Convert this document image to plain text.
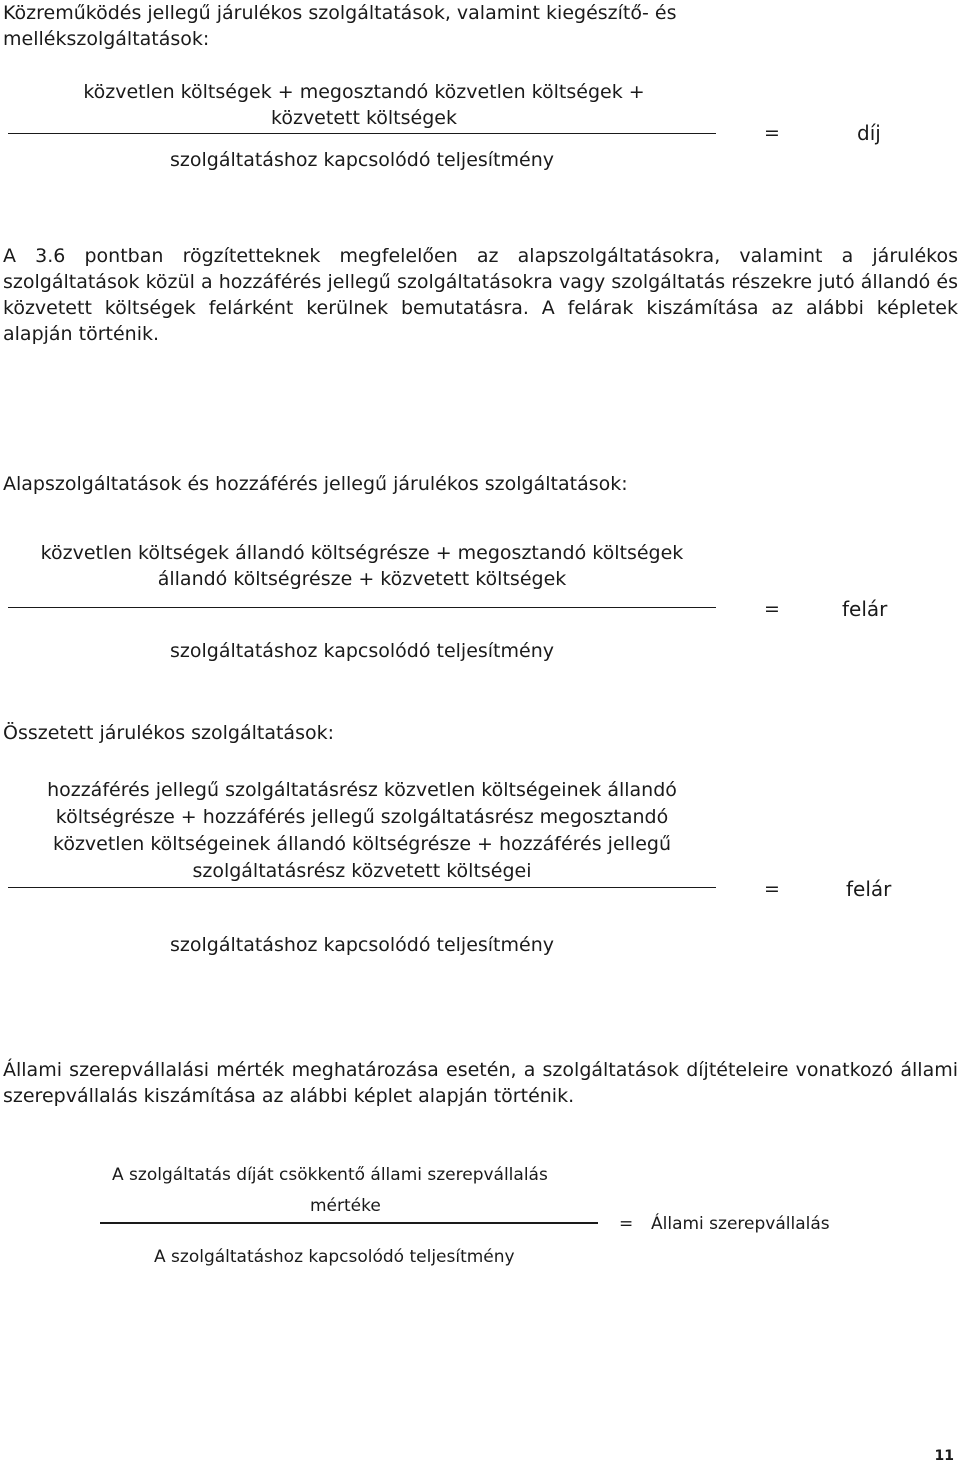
Közreműködés jellegű járulékos szolgáltatások, valamint kiegészítő- és
mellékszolgáltatások:
közvetlen költségek + megosztandó közvetlen költségek +
közvetett költségek
szolgáltatáshoz kapcsolódó teljesítmény
=	díj
A 3.6 pontban rögzítetteknek megfelelően az alapszolgáltatásokra, valamint a járulékos szolgáltatások közül a hozzáférés jellegű szolgáltatásokra vagy szolgáltatás részekre jutó állandó és közvetett költségek felárként kerülnek bemutatásra. A felárak kiszámítása az alábbi képletek alapján történik.
Alapszolgáltatások és hozzáférés jellegű járulékos szolgáltatások:
közvetlen költségek állandó költségrésze + megosztandó költségek
állandó költségrésze + közvetett költségek
szolgáltatáshoz kapcsolódó teljesítmény
=	felár
Összetett járulékos szolgáltatások:
hozzáférés jellegű szolgáltatásrész közvetlen költségeinek állandó
költségrésze + hozzáférés jellegű szolgáltatásrész megosztandó
közvetlen költségeinek állandó költségrésze + hozzáférés jellegű
szolgáltatásrész közvetett költségei
szolgáltatáshoz kapcsolódó teljesítmény
=	felár
Állami szerepvállalási mérték meghatározása esetén, a szolgáltatások díjtételeire vonatkozó állami szerepvállalás kiszámítása az alábbi képlet alapján történik.
A szolgáltatás díját csökkentő állami szerepvállalás
mértéke
A szolgáltatáshoz kapcsolódó teljesítmény
= Állami szerepvállalás
11
